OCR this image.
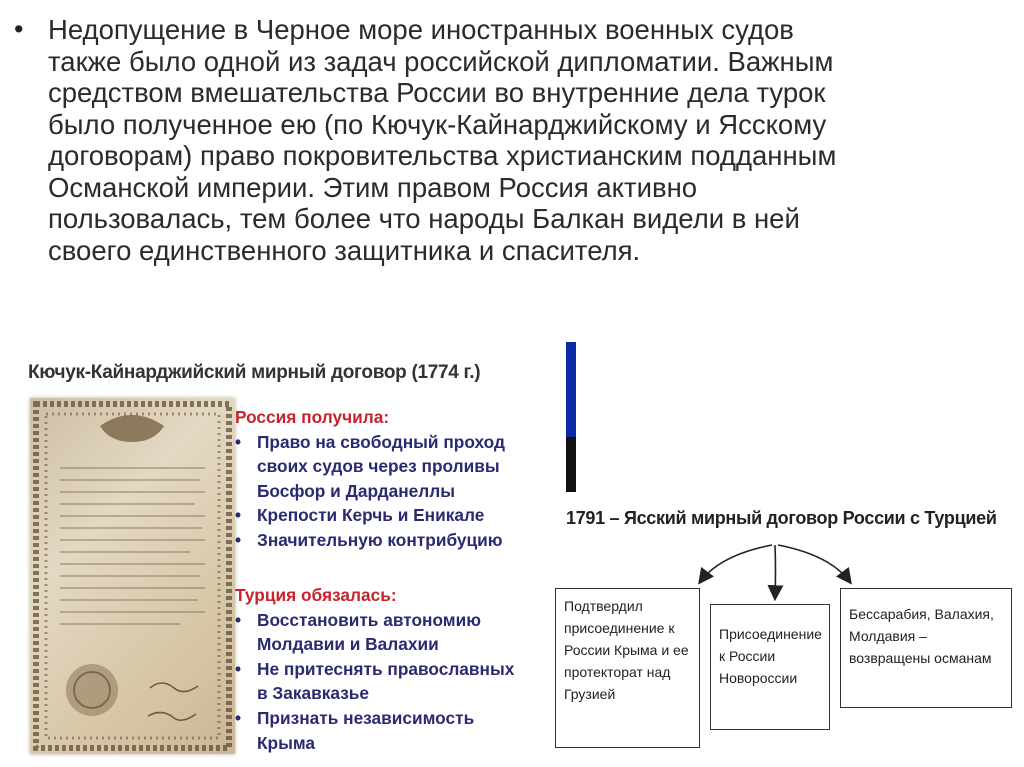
• Недопущение в Черное море иностранных военных судов
также было одной из задач российской дипломатии. Важным
средством вмешательства России во внутренние дела турок
было полученное ею (по Кючук-Кайнарджийскому и Ясскому
договорам) право покровительства христианским подданным
Османской империи. Этим правом Россия активно
пользовалась, тем более что народы Балкан видели в ней
своего единственного защитника и спасителя.
Кючук-Кайнарджийский мирный договор (1774 г.)
Россия получила:
• Право на свободный проход
своих судов через проливы
Босфор и Дарданеллы
• Крепости Керчь и Еникале
• Значительную контрибуцию
Турция обязалась:
• Восстановить автономию
Молдавии и Валахии
• Не притеснять православных
в Закавказье
• Признать независимость
Крыма
1791 – Ясский мирный договор России с Турцией
Подтвердил
присоединение к
России Крыма и ее
протекторат над
Грузией
Присоединение
к России
Новороссии
Бессарабия, Валахия,
Молдавия –
возвращены османам
